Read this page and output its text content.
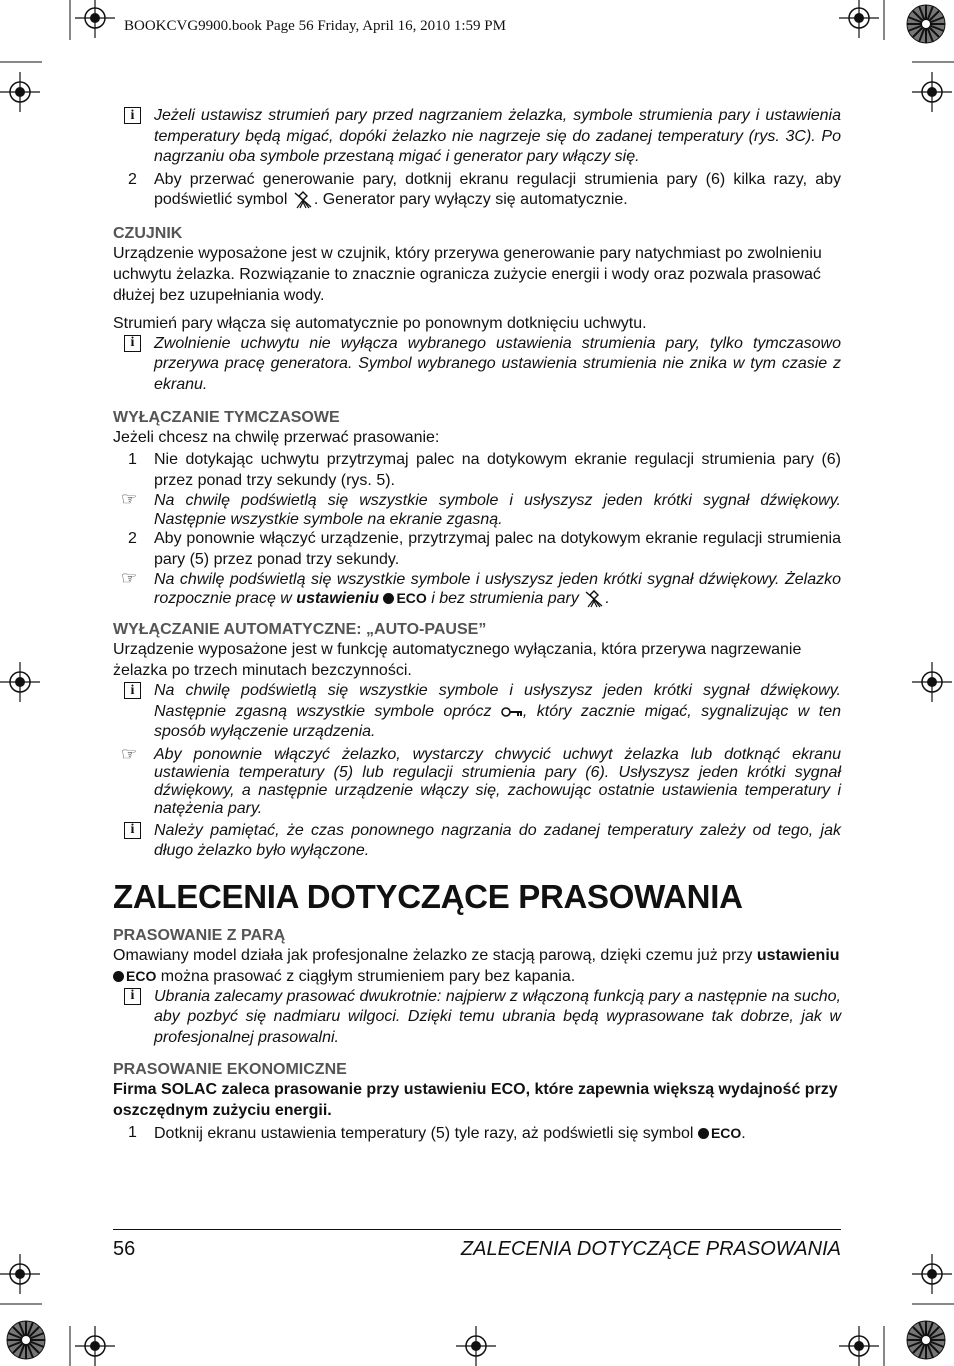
BOOKCVG9900.book Page 56 Friday, April 16, 2010 1:59 PM
i	Jeżeli ustawisz strumień pary przed nagrzaniem żelazka, symbole strumienia pary i ustawienia temperatury będą migać, dopóki żelazko nie nagrzeje się do zadanej temperatury (rys. 3C). Po nagrzaniu oba symbole przestaną migać i generator pary włączy się.
2 Aby przerwać generowanie pary, dotknij ekranu regulacji strumienia pary (6) kilka razy, aby podświetlić symbol . Generator pary wyłączy się automatycznie.
CZUJNIK

Urządzenie wyposażone jest w czujnik, który przerywa generowanie pary natychmiast po zwolnieniu uchwytu żelazka. Rozwiązanie to znacznie ogranicza zużycie energii i wody oraz pozwala prasować dłużej bez uzupełniania wody.

Strumień pary włącza się automatycznie po ponownym dotknięciu uchwytu.

i	Zwolnienie uchwytu nie wyłącza wybranego ustawienia strumienia pary, tylko tymczasowo przerywa pracę generatora. Symbol wybranego ustawienia strumienia nie znika w tym czasie z ekranu.
WYŁĄCZANIE TYMCZASOWE

Jeżeli chcesz na chwilę przerwać prasowanie:

1 Nie dotykając uchwytu przytrzymaj palec na dotykowym ekranie regulacji strumienia pary (6) przez ponad trzy sekundy (rys. 5).
☞ Na chwilę podświetlą się wszystkie symbole i usłyszysz jeden krótki sygnał dźwiękowy. Następnie wszystkie symbole na ekranie zgasną.
2 Aby ponownie włączyć urządzenie, przytrzymaj palec na dotykowym ekranie regulacji strumienia pary (5) przez ponad trzy sekundy.
☞ Na chwilę podświetlą się wszystkie symbole i usłyszysz jeden krótki sygnał dźwiękowy. Żelazko rozpocznie pracę w ustawieniu ECO i bez strumienia pary .
WYŁĄCZANIE AUTOMATYCZNE: „AUTO-PAUSE”

Urządzenie wyposażone jest w funkcję automatycznego wyłączania, która przerywa nagrzewanie żelazka po trzech minutach bezczynności.

i	Na chwilę podświetlą się wszystkie symbole i usłyszysz jeden krótki sygnał dźwiękowy. Następnie zgasną wszystkie symbole oprócz , który zacznie migać, sygnalizując w ten sposób wyłączenie urządzenia.
☞ Aby ponownie włączyć żelazko, wystarczy chwycić uchwyt żelazka lub dotknąć ekranu ustawienia temperatury (5) lub regulacji strumienia pary (6). Usłyszysz jeden krótki sygnał dźwiękowy, a następnie urządzenie włączy się, zachowując ostatnie ustawienia temperatury i natężenia pary.
i	Należy pamiętać, że czas ponownego nagrzania do zadanej temperatury zależy od tego, jak długo żelazko było wyłączone.
ZALECENIA DOTYCZĄCE PRASOWANIA
PRASOWANIE Z PARĄ

Omawiany model działa jak profesjonalne żelazko ze stacją parową, dzięki czemu już przy ustawieniu ECO można prasować z ciągłym strumieniem pary bez kapania.

i	Ubrania zalecamy prasować dwukrotnie: najpierw z włączoną funkcją pary a następnie na sucho, aby pozbyć się nadmiaru wilgoci. Dzięki temu ubrania będą wyprasowane tak dobrze, jak w profesjonalnej prasowalni.
PRASOWANIE EKONOMICZNE

Firma SOLAC zaleca prasowanie przy ustawieniu ECO, które zapewnia większą wydajność przy oszczędnym zużyciu energii.

1 Dotknij ekranu ustawienia temperatury (5) tyle razy, aż podświetli się symbol ECO.
56	ZALECENIA DOTYCZĄCE PRASOWANIA
